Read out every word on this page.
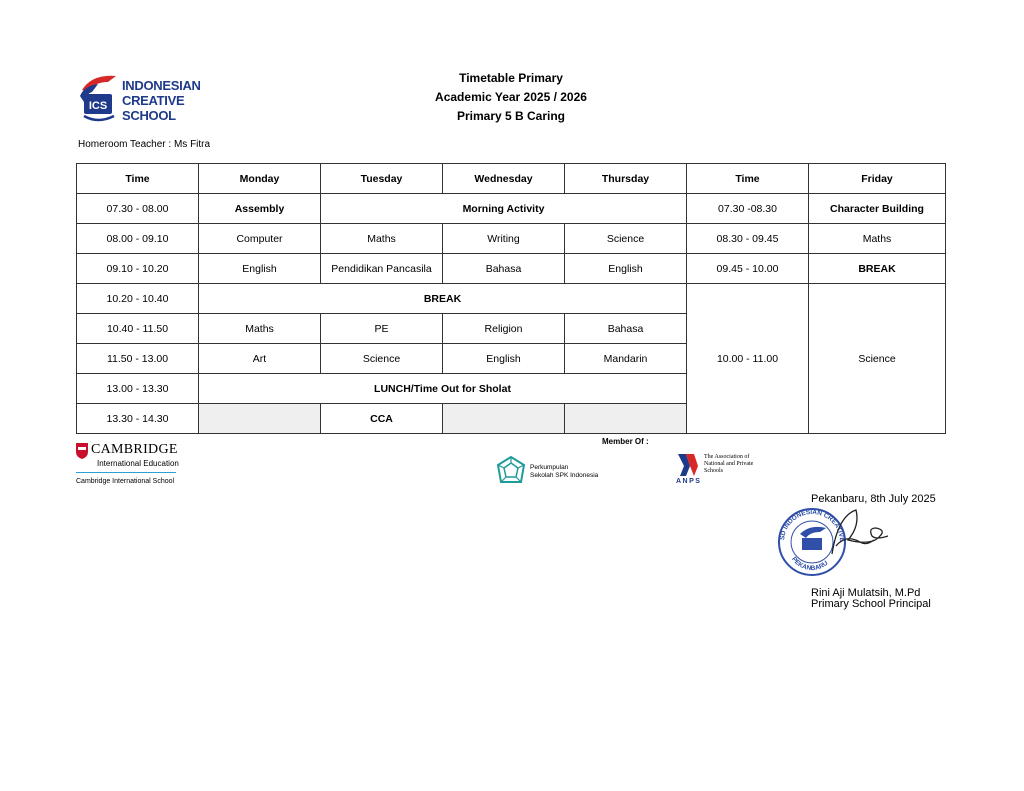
ICS
INDONESIAN
CREATIVE
SCHOOL
Timetable Primary
Academic Year 2025 / 2026
Primary 5 B Caring
Homeroom Teacher : Ms Fitra
Time	Monday	Tuesday	Wednesday	Thursday	Time	Friday
07.30 - 08.00	Assembly	Morning Activity			07.30 -08.30	Character Building
08.00 - 09.10	Computer	Maths	Writing	Science	08.30 - 09.45	Maths
09.10 - 10.20	English	Pendidikan Pancasila	Bahasa	English	09.45 - 10.00	BREAK
10.20 - 10.40	BREAK				10.00 - 11.00	Science
10.40 - 11.50	Maths	PE	Religion	Bahasa		
11.50 - 13.00	Art	Science	English	Mandarin		
13.00 - 13.30	LUNCH/Time Out for Sholat					
13.30 - 14.30		CCA				
CAMBRIDGE
International Education
Cambridge International School
Member Of :
Perkumpulan
Sekolah SPK Indonesia
The Association of
National and Private
Schools
ANPS
Pekanbaru, 8th July 2025
SD INDONESIAN CREATIVE
PEKANBARU
Rini Aji Mulatsih, M.Pd
Primary School Principal
